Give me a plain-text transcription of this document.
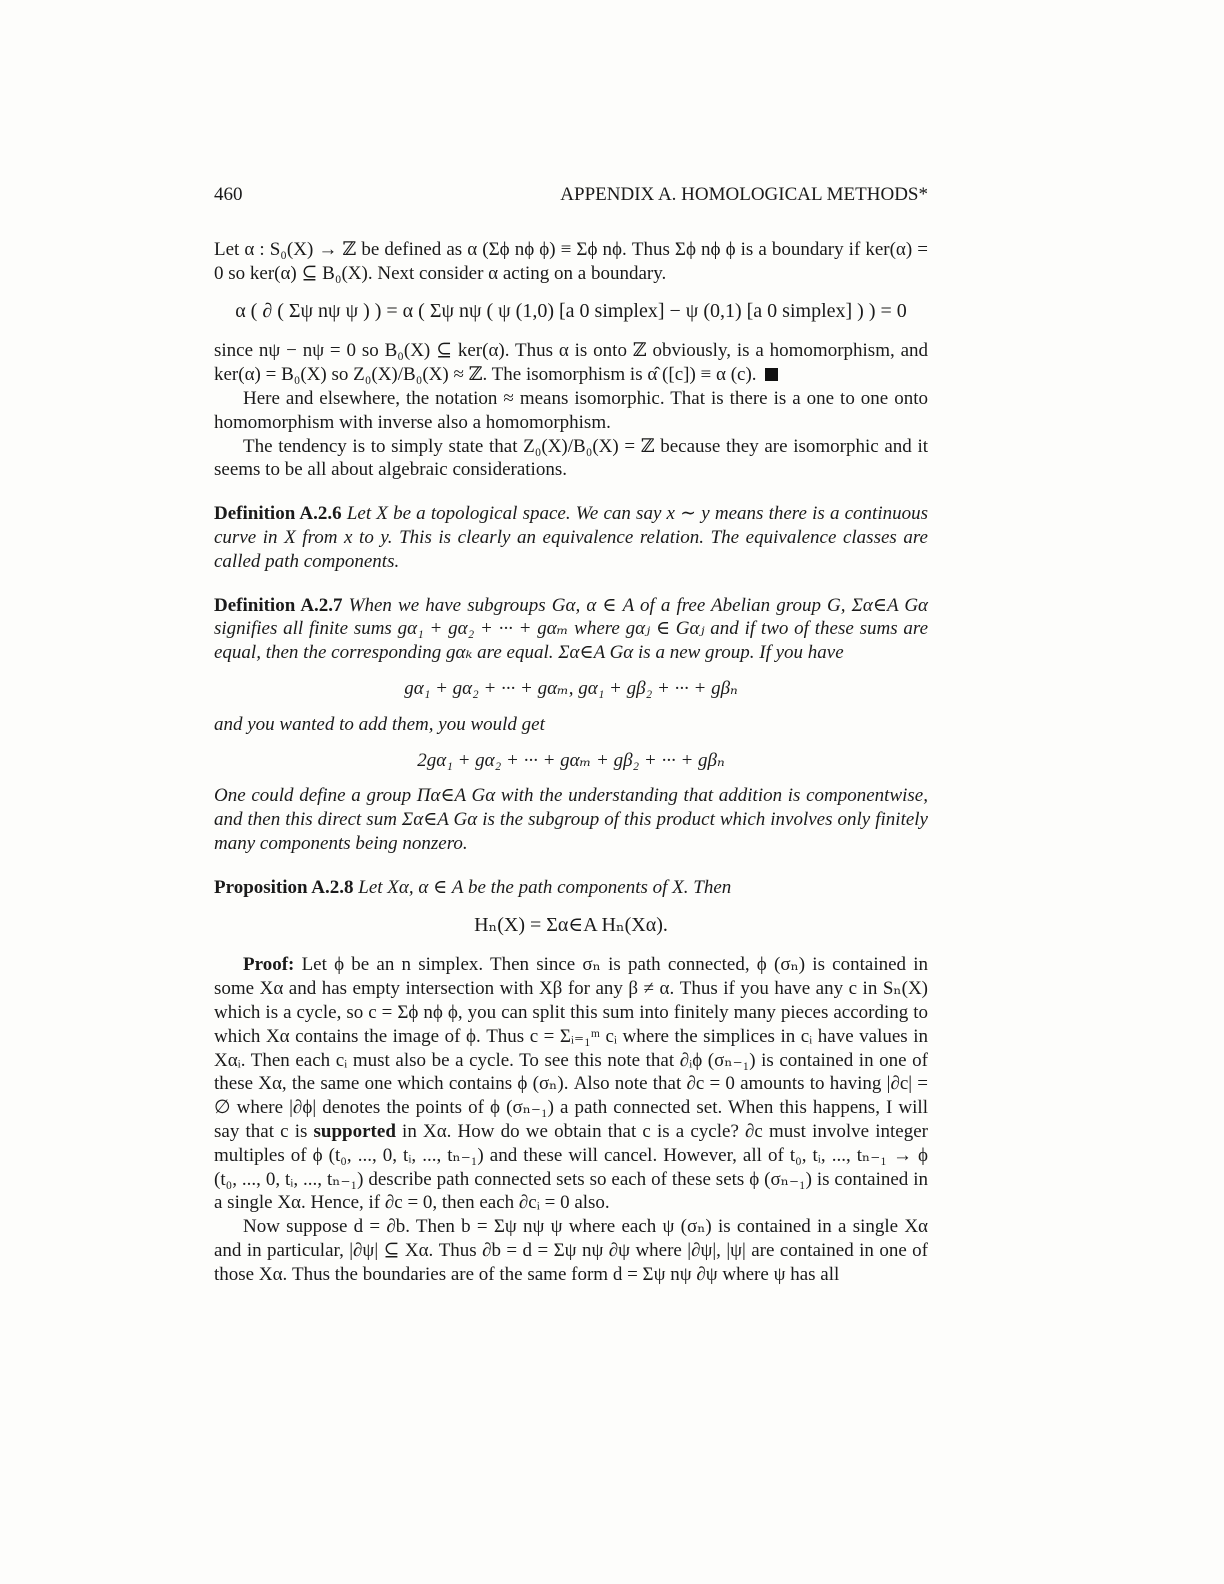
460	APPENDIX A. HOMOLOGICAL METHODS*

Let α : S₀(X) → ℤ be defined as α (Σϕ nϕ ϕ) ≡ Σϕ nϕ. Thus Σϕ nϕ ϕ is a boundary if ker(α) = 0 so ker(α) ⊆ B₀(X). Next consider α acting on a boundary.

α ( ∂ ( Σψ nψ ψ ) ) = α ( Σψ nψ ( ψ (1,0) [a 0 simplex] − ψ (0,1) [a 0 simplex] ) ) = 0

since nψ − nψ = 0 so B₀(X) ⊆ ker(α). Thus α is onto ℤ obviously, is a homomorphism, and ker(α) = B₀(X) so Z₀(X)/B₀(X) ≈ ℤ. The isomorphism is α̂ ([c]) ≡ α (c).

Here and elsewhere, the notation ≈ means isomorphic. That is there is a one to one onto homomorphism with inverse also a homomorphism.

The tendency is to simply state that Z₀(X)/B₀(X) = ℤ because they are isomorphic and it seems to be all about algebraic considerations.

Definition A.2.6 Let X be a topological space. We can say x ∼ y means there is a continuous curve in X from x to y. This is clearly an equivalence relation. The equivalence classes are called path components.

Definition A.2.7 When we have subgroups Gα, α ∈ A of a free Abelian group G, Σα∈A Gα signifies all finite sums gα₁ + gα₂ + ··· + gαₘ where gαⱼ ∈ Gαⱼ and if two of these sums are equal, then the corresponding gαₖ are equal. Σα∈A Gα is a new group. If you have

gα₁ + gα₂ + ··· + gαₘ, gα₁ + gβ₂ + ··· + gβₙ

and you wanted to add them, you would get

2gα₁ + gα₂ + ··· + gαₘ + gβ₂ + ··· + gβₙ

One could define a group Πα∈A Gα with the understanding that addition is componentwise, and then this direct sum Σα∈A Gα is the subgroup of this product which involves only finitely many components being nonzero.

Proposition A.2.8 Let Xα, α ∈ A be the path components of X. Then

Hₙ(X) = Σα∈A Hₙ(Xα).

Proof: Let ϕ be an n simplex. Then since σₙ is path connected, ϕ (σₙ) is contained in some Xα and has empty intersection with Xβ for any β ≠ α. Thus if you have any c in Sₙ(X) which is a cycle, so c = Σϕ nϕ ϕ, you can split this sum into finitely many pieces according to which Xα contains the image of ϕ. Thus c = Σᵢ₌₁ᵐ cᵢ where the simplices in cᵢ have values in Xαᵢ. Then each cᵢ must also be a cycle. To see this note that ∂ᵢϕ (σₙ₋₁) is contained in one of these Xα, the same one which contains ϕ (σₙ). Also note that ∂c = 0 amounts to having |∂c| = ∅ where |∂ϕ| denotes the points of ϕ (σₙ₋₁) a path connected set. When this happens, I will say that c is supported in Xα. How do we obtain that c is a cycle? ∂c must involve integer multiples of ϕ (t₀, ..., 0, tᵢ, ..., tₙ₋₁) and these will cancel. However, all of t₀, tᵢ, ..., tₙ₋₁ → ϕ (t₀, ..., 0, tᵢ, ..., tₙ₋₁) describe path connected sets so each of these sets ϕ (σₙ₋₁) is contained in a single Xα. Hence, if ∂c = 0, then each ∂cᵢ = 0 also.

Now suppose d = ∂b. Then b = Σψ nψ ψ where each ψ (σₙ) is contained in a single Xα and in particular, |∂ψ| ⊆ Xα. Thus ∂b = d = Σψ nψ ∂ψ where |∂ψ|, |ψ| are contained in one of those Xα. Thus the boundaries are of the same form d = Σψ nψ ∂ψ where ψ has all
